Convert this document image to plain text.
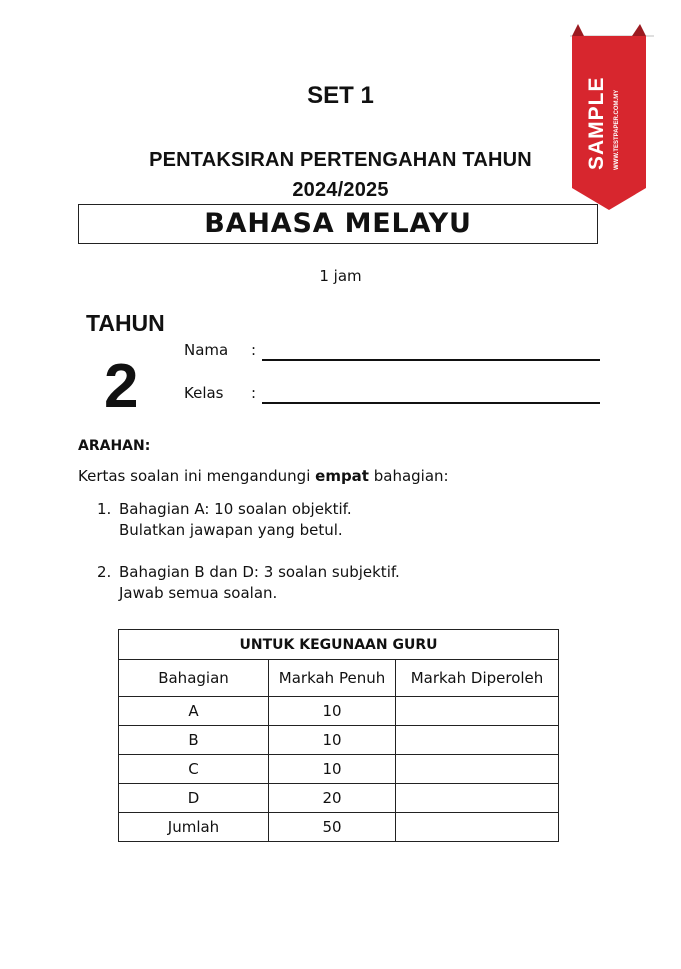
SET 1
PENTAKSIRAN PERTENGAHAN TAHUN
2024/2025
BAHASA MELAYU
1 jam
TAHUN
2
Nama :
Kelas :
ARAHAN:
Kertas soalan ini mengandungi empat bahagian:
1. Bahagian A: 10 soalan objektif.
Bulatkan jawapan yang betul.
2. Bahagian B dan D: 3 soalan subjektif.
Jawab semua soalan.
UNTUK KEGUNAAN GURU		
Bahagian	Markah Penuh	Markah Diperoleh
A	10	
B	10	
C	10	
D	20	
Jumlah	50	
SAMPLE WWW.TESTPAPER.COM.MY
